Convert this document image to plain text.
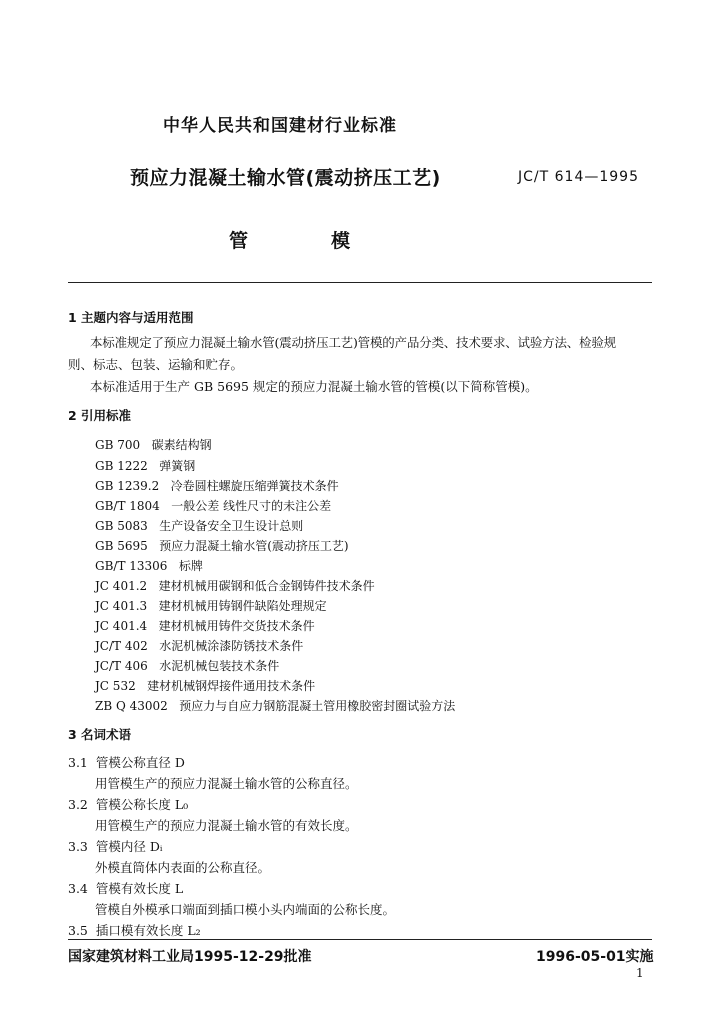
中华人民共和国建材行业标准
预应力混凝土输水管(震动挤压工艺)	JC/T 614—1995
管	模
1 主题内容与适用范围
本标准规定了预应力混凝土输水管(震动挤压工艺)管模的产品分类、技术要求、试验方法、检验规
则、标志、包装、运输和贮存。
本标准适用于生产 GB 5695 规定的预应力混凝土输水管的管模(以下简称管模)。
2 引用标准
GB 700 碳素结构钢
GB 1222 弹簧钢
GB 1239.2 冷卷圆柱螺旋压缩弹簧技术条件
GB/T 1804 一般公差 线性尺寸的未注公差
GB 5083 生产设备安全卫生设计总则
GB 5695 预应力混凝土输水管(震动挤压工艺)
GB/T 13306 标牌
JC 401.2 建材机械用碳钢和低合金钢铸件技术条件
JC 401.3 建材机械用铸钢件缺陷处理规定
JC 401.4 建材机械用铸件交货技术条件
JC/T 402 水泥机械涂漆防锈技术条件
JC/T 406 水泥机械包装技术条件
JC 532 建材机械钢焊接件通用技术条件
ZB Q 43002 预应力与自应力钢筋混凝土管用橡胶密封圈试验方法
3 名词术语
3.1 管模公称直径 D
用管模生产的预应力混凝土输水管的公称直径。
3.2 管模公称长度 L₀
用管模生产的预应力混凝土输水管的有效长度。
3.3 管模内径 Dᵢ
外模直筒体内表面的公称直径。
3.4 管模有效长度 L
管模自外模承口端面到插口模小头内端面的公称长度。
3.5 插口模有效长度 L₂
国家建筑材料工业局1995-12-29批准	1996-05-01实施
1
